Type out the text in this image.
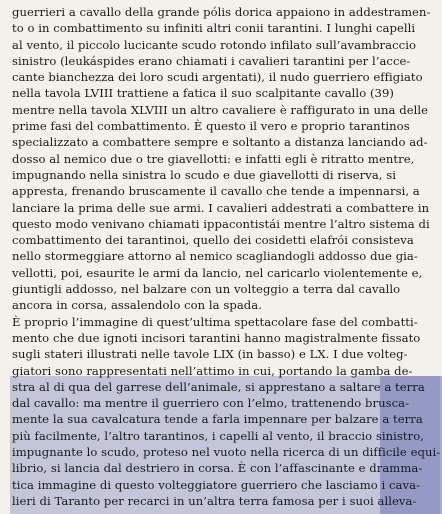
guerrieri a cavallo della grande pólis dorica appaiono in addestramen-
to o in combattimento su infiniti altri conii tarantini. I lunghi capelli
al vento, il piccolo lucicante scudo rotondo infilato sull’avambraccio
sinistro (leukáspides erano chiamati i cavalieri tarantini per l’acce-
cante bianchezza dei loro scudi argentati), il nudo guerriero effigiato
nella tavola LVIII trattiene a fatica il suo scalpitante cavallo (39)
mentre nella tavola XLVIII un altro cavaliere è raffigurato in una delle
prime fasi del combattimento. È questo il vero e proprio tarantinos
specializzato a combattere sempre e soltanto a distanza lanciando ad-
dosso al nemico due o tre giavellotti: e infatti egli è ritratto mentre,
impugnando nella sinistra lo scudo e due giavellotti di riserva, si
appresta, frenando bruscamente il cavallo che tende a impennarsi, a
lanciare la prima delle sue armi. I cavalieri addestrati a combattere in
questo modo venivano chiamati ippacontistái mentre l’altro sistema di
combattimento dei tarantinoi, quello dei cosidetti elafrói consisteva
nello stormeggiare attorno al nemico scagliandogli addosso due gia-
vellotti, poi, esaurite le armi da lancio, nel caricarlo violentemente e,
giuntigli addosso, nel balzare con un volteggio a terra dal cavallo
ancora in corsa, assalendolo con la spada.
È proprio l’immagine di quest’ultima spettacolare fase del combatti-
mento che due ignoti incisori tarantini hanno magistralmente fissato
sugli stateri illustrati nelle tavole LIX (in basso) e LX. I due volteg-
giatori sono rappresentati nell’attimo in cui, portando la gamba de-
stra al di qua del garrese dell’animale, si apprestano a saltare a terra
dal cavallo: ma mentre il guerriero con l’elmo, trattenendo brusca-
mente la sua cavalcatura tende a farla impennare per balzare a terra
più facilmente, l’altro tarantinos, i capelli al vento, il braccio sinistro,
impugnante lo scudo, proteso nel vuoto nella ricerca di un difficile equi-
librio, si lancia dal destriero in corsa. È con l’affascinante e dramma-
tica immagine di questo volteggiatore guerriero che lasciamo i cava-
lieri di Taranto per recarci in un’altra terra famosa per i suoi alleva-
